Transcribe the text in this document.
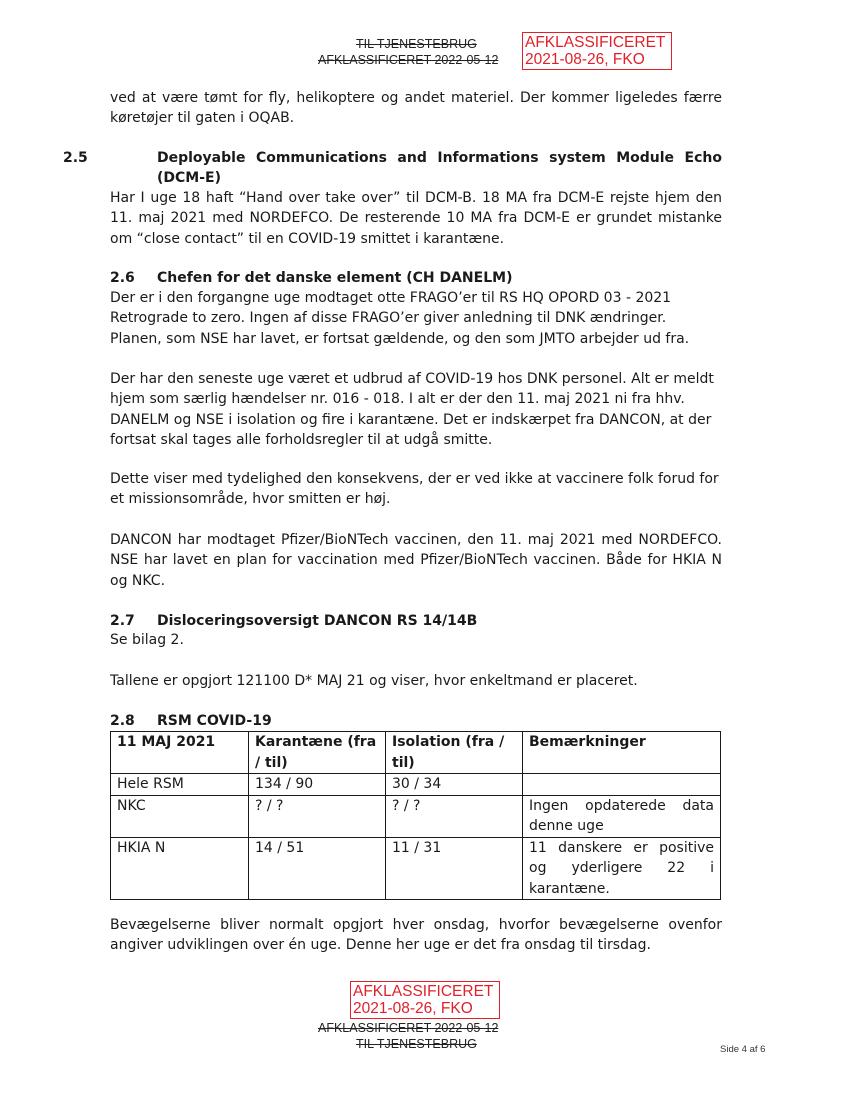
TIL TJENESTEBRUG
AFKLASSIFICERET 2022-05-12
AFKLASSIFICERET
2021-08-26, FKO

ved at være tømt for fly, helikoptere og andet materiel. Der kommer ligeledes færre køretøjer til gaten i OQAB.

2.5	Deployable Communications and Informations system Module Echo (DCM-E)

Har I uge 18 haft “Hand over take over” til DCM-B. 18 MA fra DCM-E rejste hjem den 11. maj 2021 med NORDEFCO. De resterende 10 MA fra DCM-E er grundet mistanke om “close contact” til en COVID-19 smittet i karantæne.

2.6 Chefen for det danske element (CH DANELM)

Der er i den forgangne uge modtaget otte FRAGO’er til RS HQ OPORD 03 - 2021 Retrograde to zero. Ingen af disse FRAGO’er giver anledning til DNK ændringer. Planen, som NSE har lavet, er fortsat gældende, og den som JMTO arbejder ud fra.

Der har den seneste uge været et udbrud af COVID-19 hos DNK personel. Alt er meldt hjem som særlig hændelser nr. 016 - 018. I alt er der den 11. maj 2021 ni fra hhv. DANELM og NSE i isolation og fire i karantæne. Det er indskærpet fra DANCON, at der fortsat skal tages alle forholdsregler til at udgå smitte.

Dette viser med tydelighed den konsekvens, der er ved ikke at vaccinere folk forud for et missionsområde, hvor smitten er høj.

DANCON har modtaget Pfizer/BioNTech vaccinen, den 11. maj 2021 med NORDEFCO. NSE har lavet en plan for vaccination med Pfizer/BioNTech vaccinen. Både for HKIA N og NKC.

2.7 Disloceringsoversigt DANCON RS 14/14B

Se bilag 2.

Tallene er opgjort 121100 D* MAJ 21 og viser, hvor enkeltmand er placeret.

2.8 RSM COVID-19
11 MAJ 2021	Karantæne (fra / til)	Isolation (fra / til)	Bemærkninger
Hele RSM	134 / 90	30 / 34	
NKC	? / ?	? / ?	Ingen opdaterede data denne uge
HKIA N	14 / 51	11 / 31	11 danskere er positive og yderligere 22 i karantæne.

Bevægelserne bliver normalt opgjort hver onsdag, hvorfor bevægelserne ovenfor angiver udviklingen over én uge. Denne her uge er det fra onsdag til tirsdag.

AFKLASSIFICERET
2021-08-26, FKO
AFKLASSIFICERET 2022-05-12
TIL TJENESTEBRUG	Side 4 af 6
